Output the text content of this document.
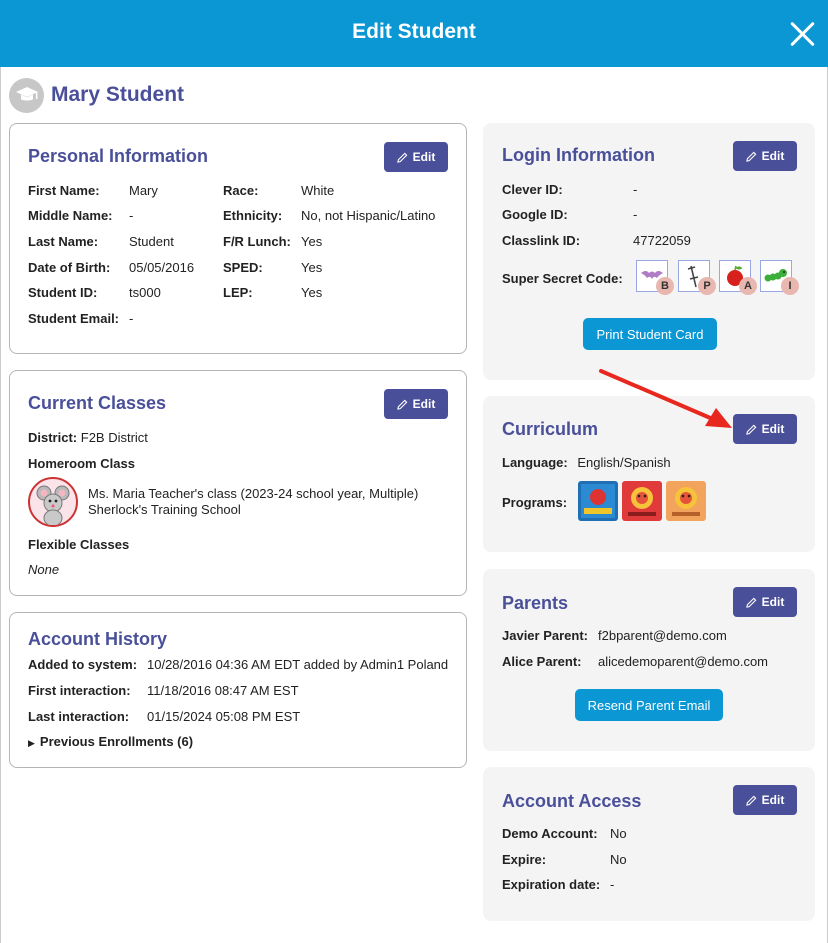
Edit Student
Mary Student
Personal Information	Edit
First Name: Mary
Middle Name: -
Last Name: Student
Date of Birth: 05/05/2016
Student ID: ts000
Student Email: -
Race:	White
Ethnicity: No, not Hispanic/Latino
F/R Lunch: Yes
SPED:	Yes
LEP:	Yes
Current Classes	Edit
District: F2B District
Homeroom Class
Ms. Maria Teacher's class (2023-24 school year, Multiple)
Sherlock's Training School
Flexible Classes
None
Account History
Added to system: 10/28/2016 04:36 AM EDT added by Admin1 Poland
First interaction: 11/18/2016 08:47 AM EST
Last interaction: 01/15/2024 05:08 PM EST
▶ Previous Enrollments (6)
Login Information	Edit
Clever ID:	-
Google ID:	-
Classlink ID:	47722059
Super Secret Code:	B	P	A	I
Print Student Card
Curriculum	Edit
Language: English/Spanish
Programs:
Parents	Edit
Javier Parent: f2bparent@demo.com
Alice Parent: alicedemoparent@demo.com
Resend Parent Email
Account Access	Edit
Demo Account: No
Expire:	No
Expiration date: -
